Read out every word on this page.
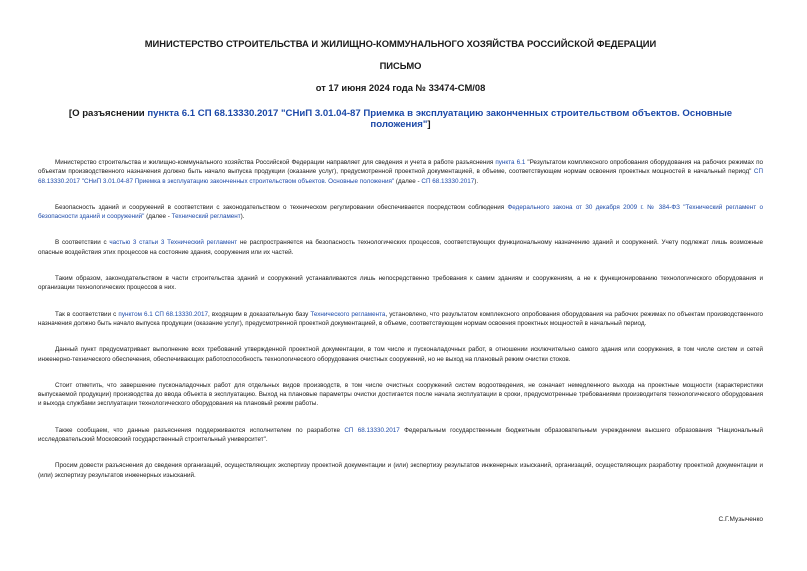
МИНИСТЕРСТВО СТРОИТЕЛЬСТВА И ЖИЛИЩНО-КОММУНАЛЬНОГО ХОЗЯЙСТВА РОССИЙСКОЙ ФЕДЕРАЦИИ
ПИСЬМО
от 17 июня 2024 года № 33474-СМ/08
[О разъяснении пункта 6.1 СП 68.13330.2017 "СНиП 3.01.04-87 Приемка в эксплуатацию законченных строительством объектов. Основные положения"]

Министерство строительства и жилищно-коммунального хозяйства Российской Федерации направляет для сведения и учета в работе разъяснения пункта 6.1 "Результатом комплексного опробования оборудования на рабочих режимах по объектам производственного назначения должно быть начало выпуска продукции (оказание услуг), предусмотренной проектной документацией, в объеме, соответствующем нормам освоения проектных мощностей в начальный период" СП 68.13330.2017 "СНиП 3.01.04-87 Приемка в эксплуатацию законченных строительством объектов. Основные положения" (далее - СП 68.13330.2017).

Безопасность зданий и сооружений в соответствии с законодательством о техническом регулировании обеспечивается посредством соблюдения Федерального закона от 30 декабря 2009 г. № 384-ФЗ "Технический регламент о безопасности зданий и сооружений" (далее - Технический регламент).

В соответствии с частью 3 статьи 3 Технический регламент не распространяется на безопасность технологических процессов, соответствующих функциональному назначению зданий и сооружений. Учету подлежат лишь возможные опасные воздействия этих процессов на состояние здания, сооружения или их частей.

Таким образом, законодательством в части строительства зданий и сооружений устанавливаются лишь непосредственно требования к самим зданиям и сооружениям, а не к функционированию технологического оборудования и организации технологических процессов в них.

Так в соответствии с пунктом 6.1 СП 68.13330.2017, входящим в доказательную базу Технического регламента, установлено, что результатом комплексного опробования оборудования на рабочих режимах по объектам производственного назначения должно быть начало выпуска продукции (оказание услуг), предусмотренной проектной документацией, в объеме, соответствующем нормам освоения проектных мощностей в начальный период.

Данный пункт предусматривает выполнение всех требований утвержденной проектной документации, в том числе и пусконаладочных работ, в отношении исключительно самого здания или сооружения, в том числе систем и сетей инженерно-технического обеспечения, обеспечивающих работоспособность технологического оборудования очистных сооружений, но не выход на плановый режим очистки стоков.

Стоит отметить, что завершение пусконаладочных работ для отдельных видов производств, в том числе очистных сооружений систем водоотведения, не означает немедленного выхода на проектные мощности (характеристики выпускаемой продукции) производства до ввода объекта в эксплуатацию. Выход на плановые параметры очистки достигается после начала эксплуатации в сроки, предусмотренные требованиями производителя технологического оборудования и выхода службами эксплуатации технологического оборудования на плановый режим работы.

Также сообщаем, что данные разъяснения поддерживаются исполнителем по разработке СП 68.13330.2017 Федеральным государственным бюджетным образовательным учреждением высшего образования "Национальный исследовательский Московский государственный строительный университет".

Просим довести разъяснения до сведения организаций, осуществляющих экспертизу проектной документации и (или) экспертизу результатов инженерных изысканий, организаций, осуществляющих разработку проектной документации и (или) экспертизу результатов инженерных изысканий.

С.Г.Музыченко
